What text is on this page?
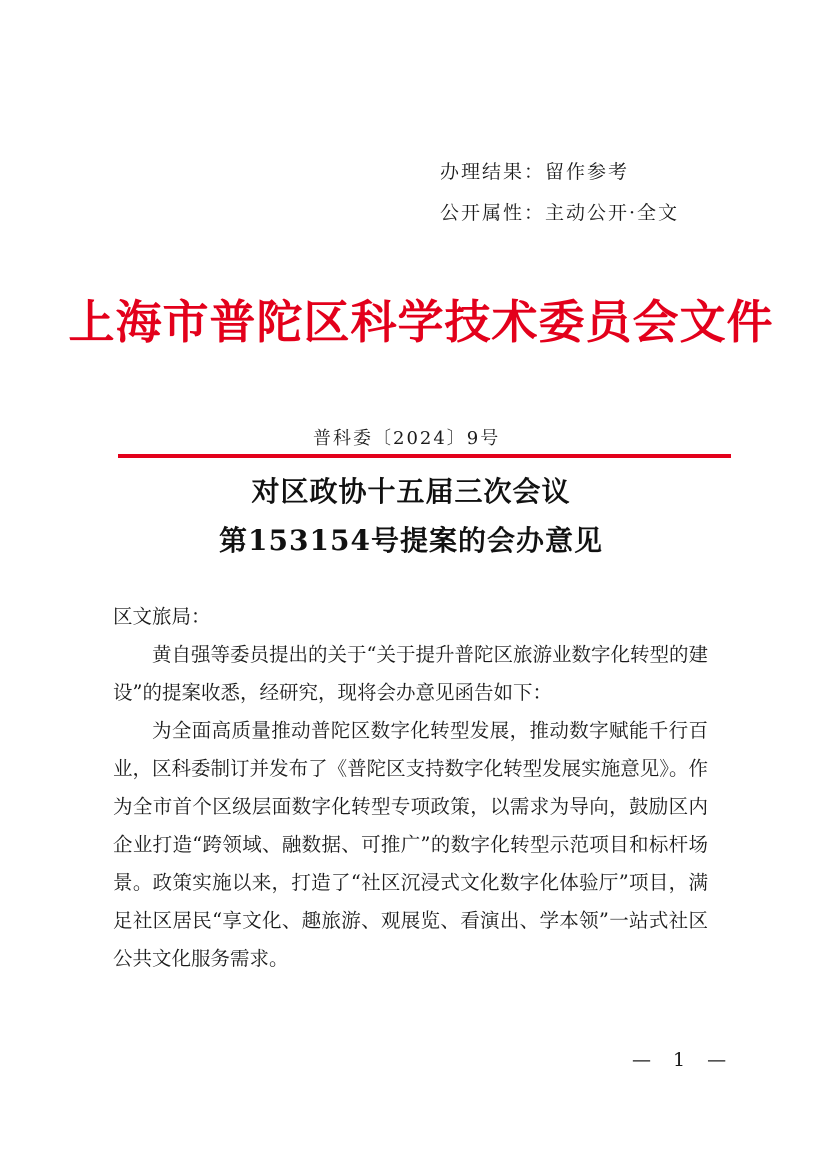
办理结果：留作参考
公开属性：主动公开·全文
上海市普陀区科学技术委员会文件
普科委〔2024〕9号
对区政协十五届三次会议
第153154号提案的会办意见
区文旅局：
黄自强等委员提出的关于“关于提升普陀区旅游业数字化转型的建设”的提案收悉，经研究，现将会办意见函告如下：
为全面高质量推动普陀区数字化转型发展，推动数字赋能千行百业，区科委制订并发布了《普陀区支持数字化转型发展实施意见》。作为全市首个区级层面数字化转型专项政策，以需求为导向，鼓励区内企业打造“跨领域、融数据、可推广”的数字化转型示范项目和标杆场景。政策实施以来，打造了“社区沉浸式文化数字化体验厅”项目，满足社区居民“享文化、趣旅游、观展览、看演出、学本领”一站式社区公共文化服务需求。
— 1 —
